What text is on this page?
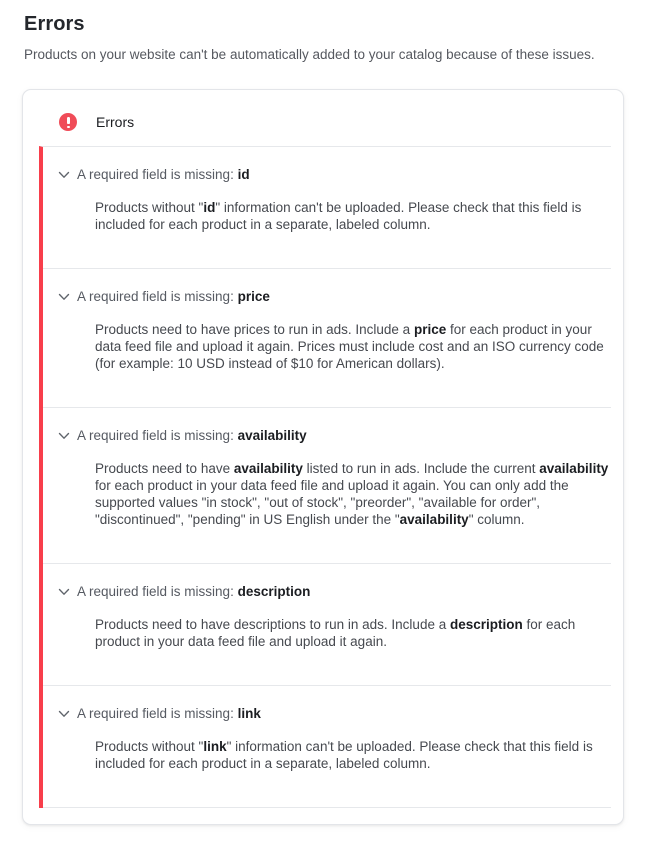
Errors

Products on your website can't be automatically added to your catalog because of these issues.

Errors
A required field is missing: id

Products without "id" information can't be uploaded. Please check that this field is included for each product in a separate, labeled column.

A required field is missing: price

Products need to have prices to run in ads. Include a price for each product in your data feed file and upload it again. Prices must include cost and an ISO currency code (for example: 10 USD instead of $10 for American dollars).

A required field is missing: availability

Products need to have availability listed to run in ads. Include the current availability for each product in your data feed file and upload it again. You can only add the supported values "in stock", "out of stock", "preorder", "available for order", "discontinued", "pending" in US English under the "availability" column.

A required field is missing: description

Products need to have descriptions to run in ads. Include a description for each product in your data feed file and upload it again.

A required field is missing: link

Products without "link" information can't be uploaded. Please check that this field is included for each product in a separate, labeled column.
